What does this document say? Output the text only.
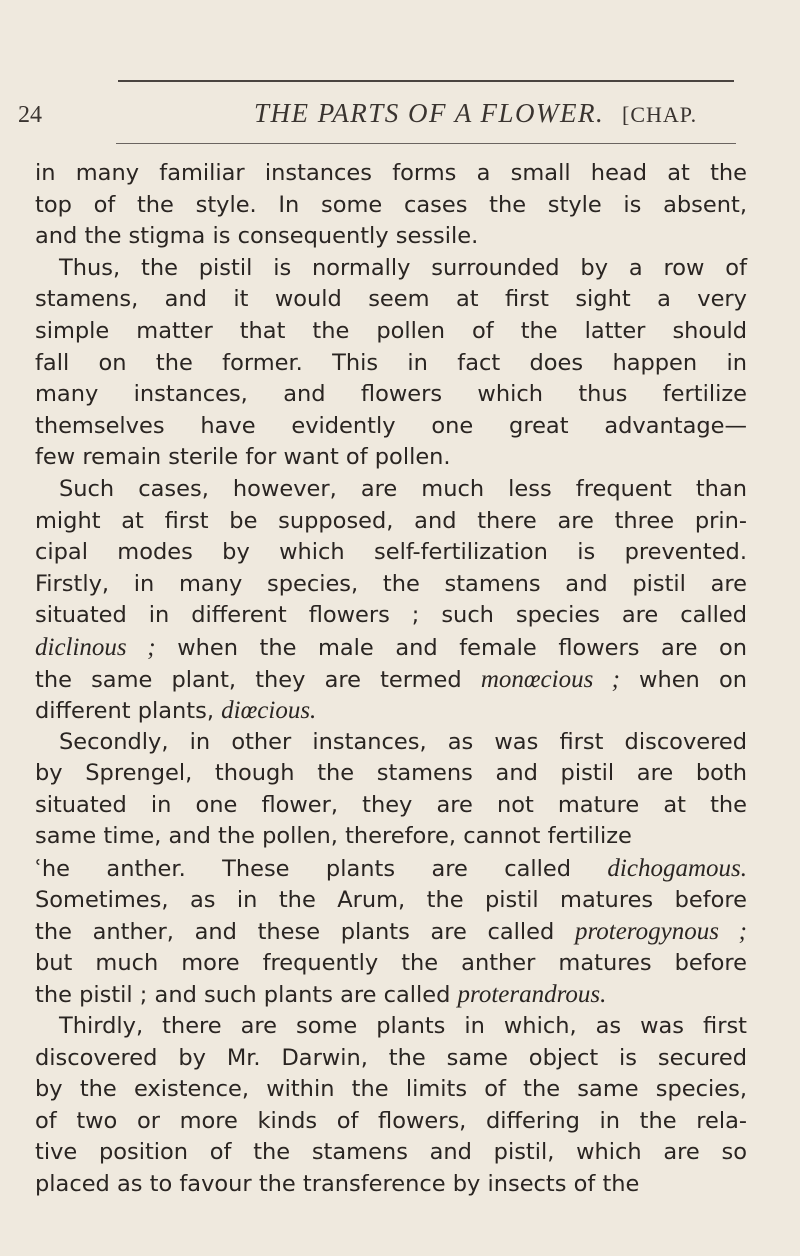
24	THE PARTS OF A FLOWER. [CHAP.
in many familiar instances forms a small head at the
top of the style. In some cases the style is absent,
and the stigma is consequently sessile.
Thus, the pistil is normally surrounded by a row of
stamens, and it would seem at first sight a very
simple matter that the pollen of the latter should
fall on the former. This in fact does happen in
many instances, and flowers which thus fertilize
themselves have evidently one great advantage—
few remain sterile for want of pollen.
Such cases, however, are much less frequent than
might at first be supposed, and there are three prin-
cipal modes by which self-fertilization is prevented.
Firstly, in many species, the stamens and pistil are
situated in different flowers ; such species are called
diclinous ; when the male and female flowers are on
the same plant, they are termed monœcious ; when on
different plants, diœcious.
Secondly, in other instances, as was first discovered
by Sprengel, though the stamens and pistil are both
situated in one flower, they are not mature at the
same time, and the pollen, therefore, cannot fertilize
ʿhe anther. These plants are called dichogamous.
Sometimes, as in the Arum, the pistil matures before
the anther, and these plants are called proterogynous ;
but much more frequently the anther matures before
the pistil ; and such plants are called proterandrous.
Thirdly, there are some plants in which, as was first
discovered by Mr. Darwin, the same object is secured
by the existence, within the limits of the same species,
of two or more kinds of flowers, differing in the rela-
tive position of the stamens and pistil, which are so
placed as to favour the transference by insects of the
